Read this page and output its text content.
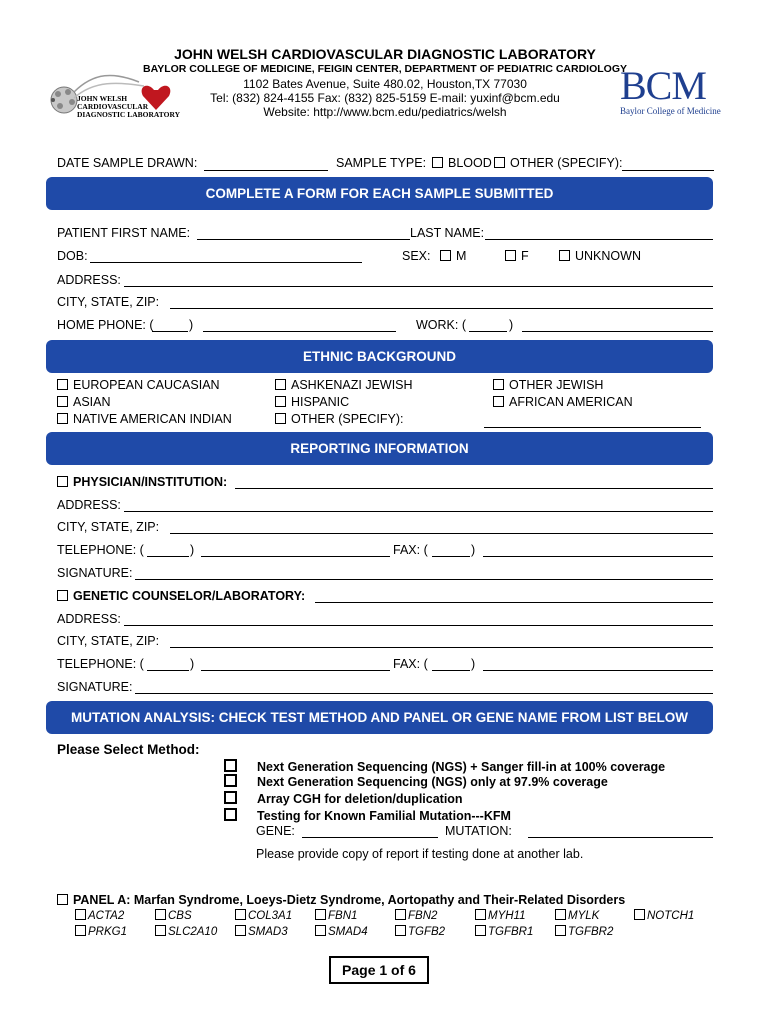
JOHN WELSH CARDIOVASCULAR DIAGNOSTIC LABORATORY
BAYLOR COLLEGE OF MEDICINE, FEIGIN CENTER, DEPARTMENT OF PEDIATRIC CARDIOLOGY
1102 Bates Avenue, Suite 480.02, Houston,TX 77030
Tel: (832) 824-4155 Fax: (832) 825-5159 E-mail: yuxinf@bcm.edu
Website: http://www.bcm.edu/pediatrics/welsh
JOHN WELSH
CARDIOVASCULAR
DIAGNOSTIC LABORATORY
BCM
Baylor College of Medicine
DATE SAMPLE DRAWN:	SAMPLE TYPE:	BLOOD	OTHER (SPECIFY):
COMPLETE A FORM FOR EACH SAMPLE SUBMITTED
PATIENT FIRST NAME:	LAST NAME:
DOB:	SEX:	M	F	UNKNOWN
ADDRESS:
CITY, STATE, ZIP:
HOME PHONE: (	)	WORK: (	)
ETHNIC BACKGROUND
EUROPEAN CAUCASIAN
ASIAN
NATIVE AMERICAN INDIAN
ASHKENAZI JEWISH
HISPANIC
OTHER (SPECIFY):
OTHER JEWISH
AFRICAN AMERICAN
REPORTING INFORMATION
PHYSICIAN/INSTITUTION:
ADDRESS:
CITY, STATE, ZIP:
TELEPHONE: (	)	FAX: (	)
SIGNATURE:
GENETIC COUNSELOR/LABORATORY:
ADDRESS:
CITY, STATE, ZIP:
TELEPHONE: (	)	FAX: (	)
SIGNATURE:
MUTATION ANALYSIS: CHECK TEST METHOD AND PANEL OR GENE NAME FROM LIST BELOW
Please Select Method:
Next Generation Sequencing (NGS) + Sanger fill-in at 100% coverage
Next Generation Sequencing (NGS) only at 97.9% coverage
Array CGH for deletion/duplication
Testing for Known Familial Mutation---KFM
GENE:	MUTATION:
Please provide copy of report if testing done at another lab.
PANEL A: Marfan Syndrome, Loeys-Dietz Syndrome, Aortopathy and Their-Related Disorders
ACTA2	CBS	COL3A1	FBN1	FBN2	MYH11	MYLK	NOTCH1
PRKG1	SLC2A10	SMAD3	SMAD4	TGFB2	TGFBR1	TGFBR2
Page 1 of 6
